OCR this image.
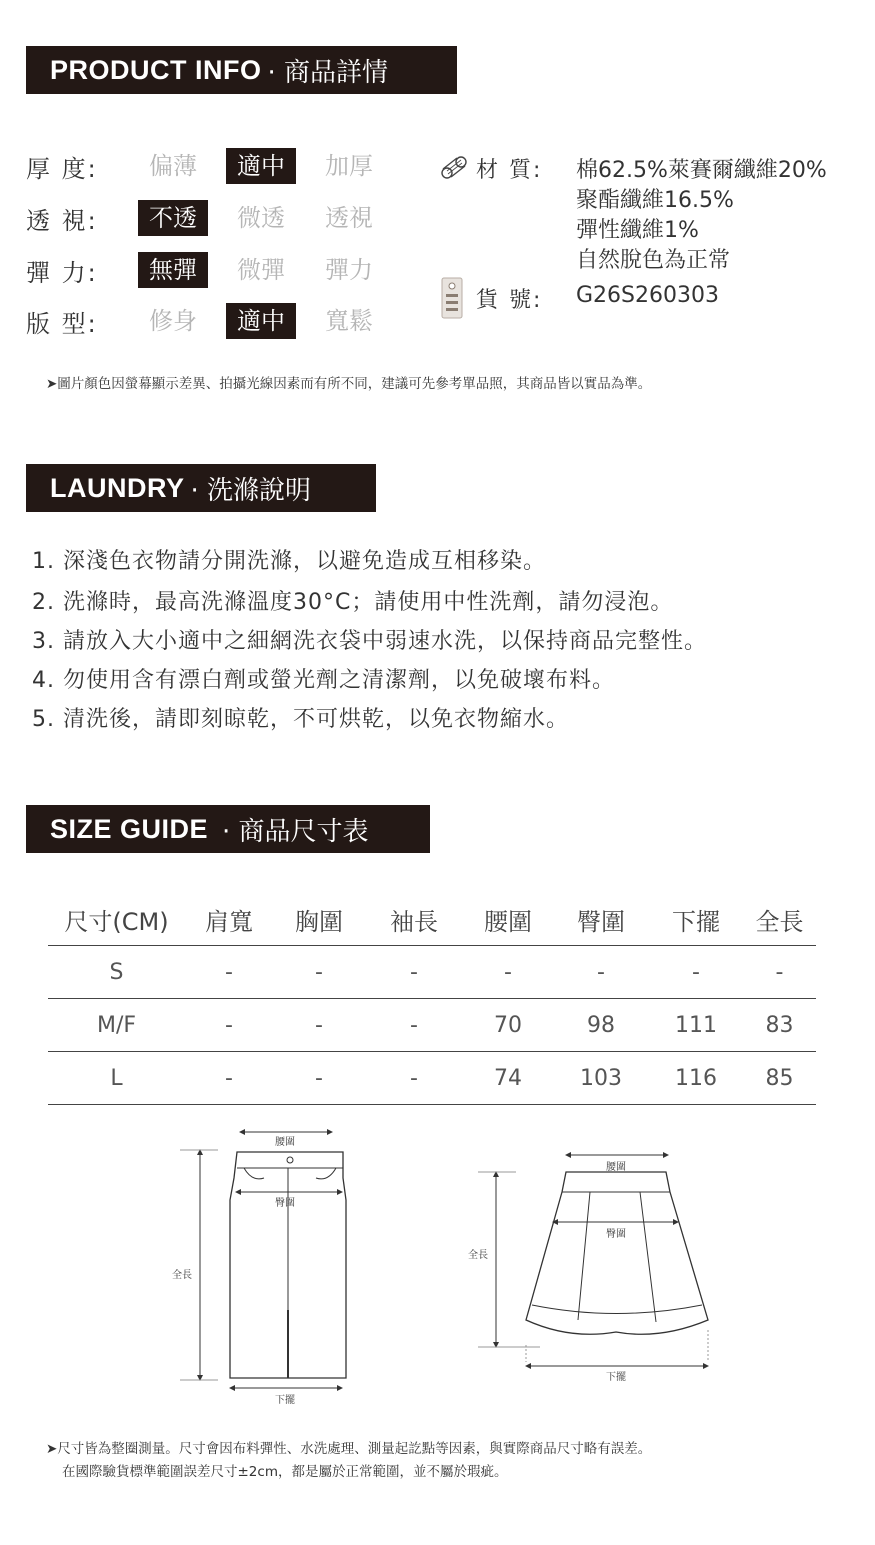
PRODUCT INFO · 商品詳情
厚 度:	偏薄	適中	加厚
透 視:	不透	微透	透視
彈 力:	無彈	微彈	彈力
版 型:	修身	適中	寬鬆
材 質: 棉62.5%萊賽爾纖維20%
聚酯纖維16.5%
彈性纖維1%
自然脫色為正常
貨 號: G26S260303
➤圖片顏色因螢幕顯示差異、拍攝光線因素而有所不同，建議可先參考單品照，其商品皆以實品為準。
LAUNDRY · 洗滌說明
1. 深淺色衣物請分開洗滌，以避免造成互相移染。
2. 洗滌時，最高洗滌溫度30°C；請使用中性洗劑，請勿浸泡。
3. 請放入大小適中之細網洗衣袋中弱速水洗，以保持商品完整性。
4. 勿使用含有漂白劑或螢光劑之清潔劑，以免破壞布料。
5. 清洗後，請即刻晾乾，不可烘乾，以免衣物縮水。
SIZE GUIDE · 商品尺寸表
尺寸(CM)	肩寬	胸圍	袖長	腰圍	臀圍	下擺	全長
S	-	-	-	-	-	-	-
M/F	-	-	-	70	98	111	83
L	-	-	-	74	103	116	85
腰圍
臀圍
全長
下擺
腰圍
臀圍
全長
下擺
➤尺寸皆為整圈測量。尺寸會因布料彈性、水洗處理、測量起訖點等因素，與實際商品尺寸略有誤差。
在國際驗貨標準範圍誤差尺寸±2cm，都是屬於正常範圍，並不屬於瑕疵。
